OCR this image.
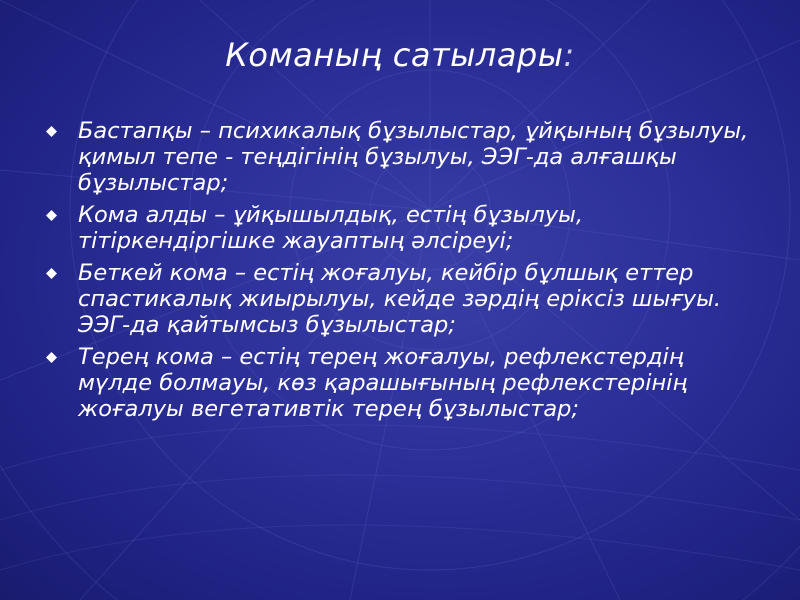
Команың сатылары:
Бастапқы – психикалық бұзылыстар, ұйқының бұзылуы, қимыл тепе - теңдігінің бұзылуы, ЭЭГ-да алғашқы бұзылыстар;
Кома алды – ұйқышылдық, естің бұзылуы, тітіркендіргішке жауаптың әлсіреуі;
Беткей кома – естің жоғалуы, кейбір бұлшық еттер спастикалық жиырылуы, кейде зәрдің еріксіз шығуы. ЭЭГ-да қайтымсыз бұзылыстар;
Терең кома – естің терең жоғалуы, рефлекстердің мүлде болмауы, көз қарашығының рефлекстерінің жоғалуы вегетативтік терең бұзылыстар;
